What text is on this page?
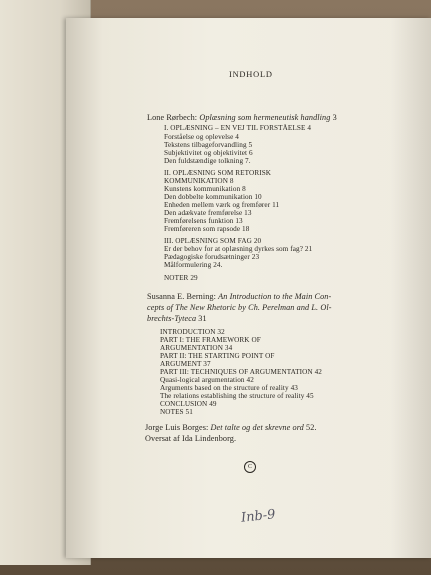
INDHOLD
Lone Rørbech: Oplæsning som hermeneutisk handling 3
I. OPLÆSNING – EN VEJ TIL FORSTÅELSE 4
Forståelse og oplevelse 4
Tekstens tilbageforvandling 5
Subjektivitet og objektivitet 6
Den fuldstændige tolkning 7.
II. OPLÆSNING SOM RETORISK
KOMMUNIKATION 8
Kunstens kommunikation 8
Den dobbelte kommunikation 10
Enheden mellem værk og fremfører 11
Den adækvate fremførelse 13
Fremførelsens funktion 13
Fremføreren som rapsode 18
III. OPLÆSNING SOM FAG 20
Er der behov for at oplæsning dyrkes som fag? 21
Pædagogiske forudsætninger 23
Målformulering 24.
NOTER 29
Susanna E. Berning: An Introduction to the Main Con-
cepts of The New Rhetoric by Ch. Perelman and L. Ol-
brechts-Tyteca 31
INTRODUCTION 32
PART I: THE FRAMEWORK OF
ARGUMENTATION 34
PART II: THE STARTING POINT OF
ARGUMENT 37
PART III: TECHNIQUES OF ARGUMENTATION 42
Quasi-logical argumentation 42
Arguments based on the structure of reality 43
The relations establishing the structure of reality 45
CONCLUSION 49
NOTES 51
Jorge Luis Borges: Det talte og det skrevne ord 52.
Oversat af Ida Lindenborg.
C
Inb-9
